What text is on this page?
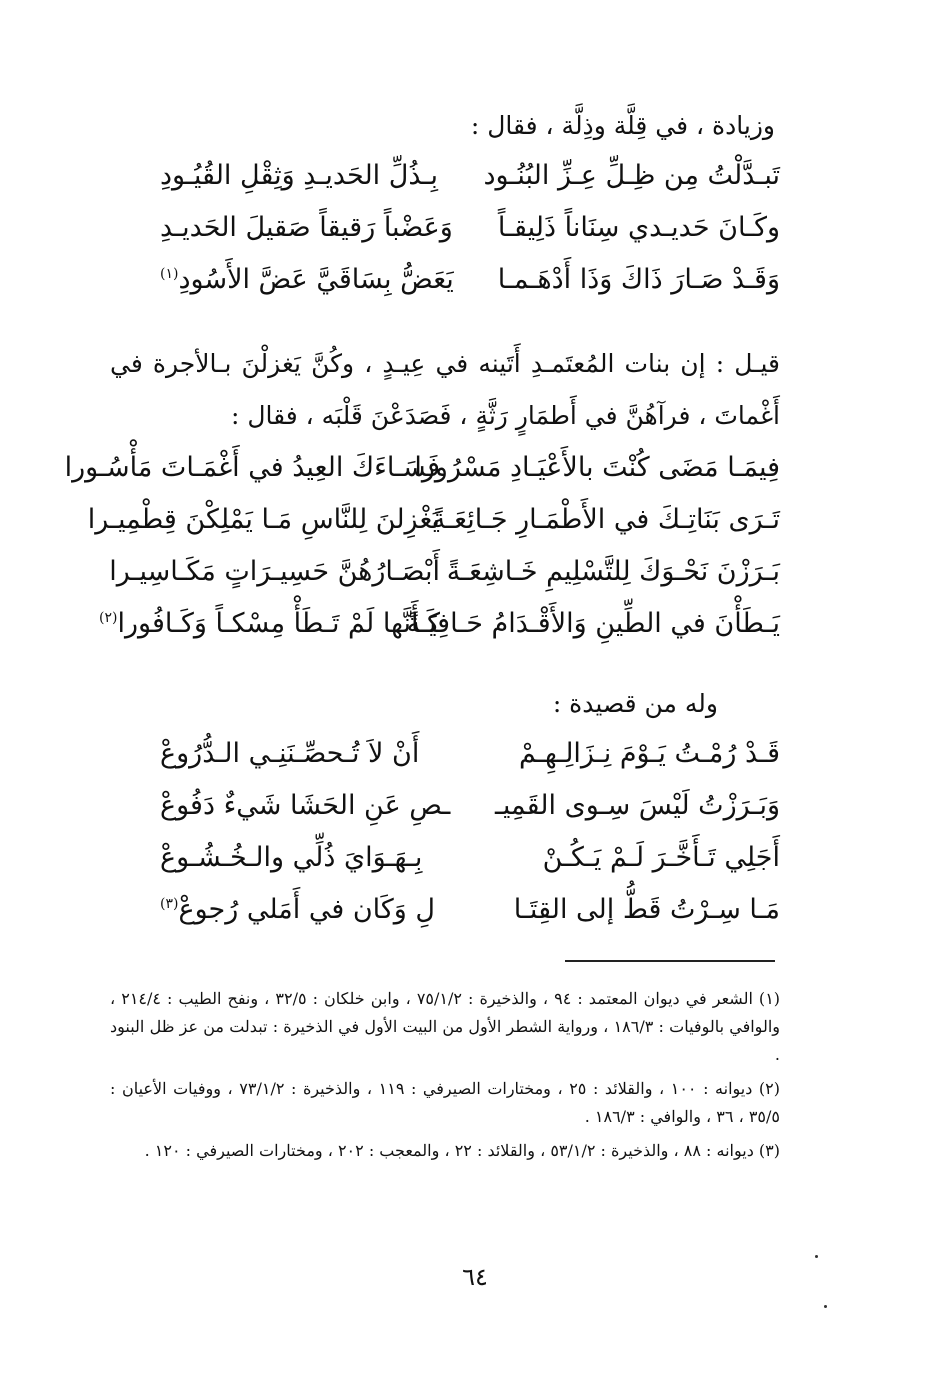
وزيادة ، في قِلَّة وذِلَّة ، فقال :
تَبـدَّلْتُ مِن ظِـلِّ عِـزِّ البُنُـود
بِـذُلِّ الحَديـدِ وَثِقْلِ القُيُـودِ
وكَـانَ حَديـدي سِنَاناً ذَلِيقـاً
وَعَضْباً رَقيقاً صَقيلَ الحَديـدِ
وَقَـدْ صَـارَ ذَاكَ وَذَا أَدْهَـمـا
يَعَضُّ بِسَاقَيَّ عَضَّ الأَسُودِ$^{(١)}$
قيـل : إن بنات المُعتَمـدِ أَتَينه في عِيـدٍ ، وكُنَّ يَغزلْنَ بـالأجرة في أَغْماتَ ، فرآهُنَّ في أَطمَارٍ رَثَّةٍ ، فَصَدَعْنَ قَلْبَه ، فقال :
فِيمَـا مَضَى كُنْتَ بالأَعْيَـادِ مَسْرُورا
فَسَـاءَكَ العِيدُ في أَغْمَـاتَ مَأْسُـورا
تَـرَى بَنَاتِـكَ في الأَطْمَـارِ جَـائِعَـةً
يَغْزِلنَ لِلنَّاسِ مَـا يَمْلِكْنَ قِطْمِيـرا
بَـرَزْنَ نَحْـوَكَ لِلتَّسْلِيمِ خَـاشِعَـةً
أَبْصَـارُهُنَّ حَسِيـرَاتٍ مَكَـاسِيـرا
يَـطَأْنَ في الطِّينِ وَالأَقْـدَامُ حَـافِيَـةً
كَـأَنَّها لَمْ تَـطَأْ مِسْكـاً وَكَـافُورا$^{(٢)}$
وله من قصيدة :
قَـدْ رُمْـتُ يَـوْمَ نِـزَالِـهِـمْ
أَنْ لاَ تُـحصِّـنَنِـي الـدُّرُوعْ
وَبَـرَزْتُ لَيْسَ سِـوى القَمِيـ
ـصِ عَنِ الحَشَا شَيءٌ دَفُوعْ
أَجَلِي تَـأَخَّـرَ لَـمْ يَـكُـنْ
بِـهَـوَايَ ذُلِّي والـخُـشُـوعْ
مَـا سِـرْتُ قَطُّ إلى القِتَـا
لِ وَكَان في أَمَلي رُجوعْ$^{(٣)}$

(١) الشعر في ديوان المعتمد : ٩٤ ، والذخيرة : ٧٥/١/٢ ، وابن خلكان : ٣٢/٥ ، ونفح الطيب : ٢١٤/٤ ، والوافي بالوفيات : ١٨٦/٣ ، ورواية الشطر الأول من البيت الأول في الذخيرة : تبدلت من عز ظل البنود .

(٢) ديوانه : ١٠٠ ، والقلائد : ٢٥ ، ومختارات الصيرفي : ١١٩ ، والذخيرة : ٧٣/١/٢ ، ووفيات الأعيان : ٣٥/٥ ، ٣٦ ، والوافي : ١٨٦/٣ .

(٣) ديوانه : ٨٨ ، والذخيرة : ٥٣/١/٢ ، والقلائد : ٢٢ ، والمعجب : ٢٠٢ ، ومختارات الصيرفي : ١٢٠ .

٦٤
